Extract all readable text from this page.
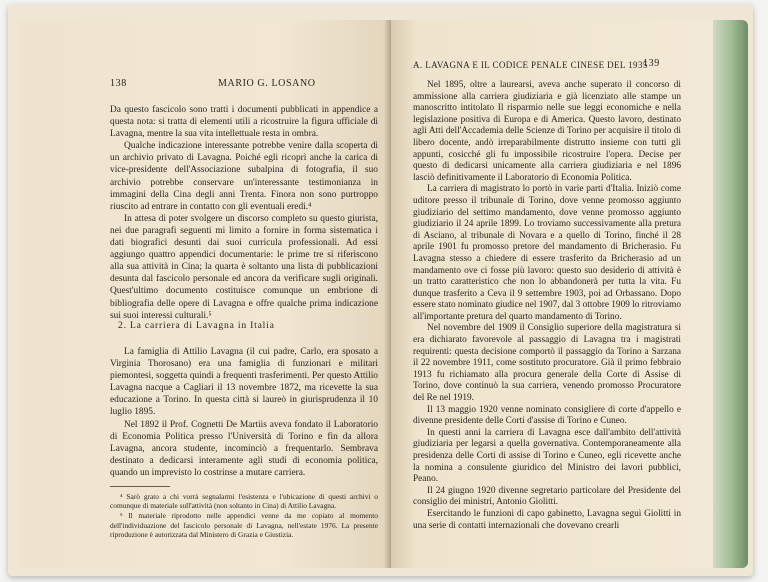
138	MARIO G. LOSANO

Da questo fascicolo sono tratti i documenti pubblicati in appendice a questa nota: si tratta di elementi utili a ricostruire la figura ufficiale di Lavagna, mentre la sua vita intellettuale resta in ombra.

Qualche indicazione interessante potrebbe venire dalla scoperta di un archivio privato di Lavagna. Poiché egli ricoprì anche la carica di vice-presidente dell'Associazione subalpina di fotografia, il suo archivio potrebbe conservare un'interessante testimonianza in immagini della Cina degli anni Trenta. Finora non sono purtroppo riuscito ad entrare in contatto con gli eventuali eredi.⁴

In attesa di poter svolgere un discorso completo su questo giurista, nei due paragrafi seguenti mi limito a fornire in forma sistematica i dati biografici desunti dai suoi curricula professionali. Ad essi aggiungo quattro appendici documentarie: le prime tre si riferiscono alla sua attività in Cina; la quarta è soltanto una lista di pubblicazioni desunta dal fascicolo personale ed ancora da verificare sugli originali. Quest'ultimo documento costituisce comunque un embrione di bibliografia delle opere di Lavagna e offre qualche prima indicazione sui suoi interessi culturali.⁵

2. La carriera di Lavagna in Italia

La famiglia di Attilio Lavagna (il cui padre, Carlo, era sposato a Virginia Thorosano) era una famiglia di funzionari e militari piemontesi, soggetta quindi a frequenti trasferimenti. Per questo Attilio Lavagna nacque a Cagliari il 13 novembre 1872, ma ricevette la sua educazione a Torino. In questa città si laureò in giurisprudenza il 10 luglio 1895.

Nel 1892 il Prof. Cognetti De Martiis aveva fondato il Laboratorio di Economia Politica presso l'Università di Torino e fin da allora Lavagna, ancora studente, incominciò a frequentarlo. Sembrava destinato a dedicarsi interamente agli studi di economia politica, quando un imprevisto lo costrinse a mutare carriera.

⁴ Sarò grato a chi vorrà segnalarmi l'esistenza e l'ubicazione di questi archivi o comunque di materiale sull'attività (non soltanto in Cina) di Attilio Lavagna.

⁵ Il materiale riprodotto nelle appendici venne da me copiato al momento dell'individuazione del fascicolo personale di Lavagna, nell'estate 1976. La presente riproduzione è autorizzata dal Ministero di Grazia e Giustizia.

A. LAVAGNA E IL CODICE PENALE CINESE DEL 1935
139

Nel 1895, oltre a laurearsi, aveva anche superato il concorso di ammissione alla carriera giudiziaria e già licenziato alle stampe un manoscritto intitolato Il risparmio nelle sue leggi economiche e nella legislazione positiva di Europa e di America. Questo lavoro, destinato agli Atti dell'Accademia delle Scienze di Torino per acquisire il titolo di libero docente, andò irreparabilmente distrutto insieme con tutti gli appunti, cosicché gli fu impossibile ricostruire l'opera. Decise per questo di dedicarsi unicamente alla carriera giudiziaria e nel 1896 lasciò definitivamente il Laboratorio di Economia Politica.

La carriera di magistrato lo portò in varie parti d'Italia. Iniziò come uditore presso il tribunale di Torino, dove venne promosso aggiunto giudiziario del settimo mandamento, dove venne promosso aggiunto giudiziario il 24 aprile 1899. Lo troviamo successivamente alla pretura di Asciano, al tribunale di Novara e a quello di Torino, finché il 28 aprile 1901 fu promosso pretore del mandamento di Bricherasio. Fu Lavagna stesso a chiedere di essere trasferito da Bricherasio ad un mandamento ove ci fosse più lavoro: questo suo desiderio di attività è un tratto caratteristico che non lo abbandonerà per tutta la vita. Fu dunque trasferito a Ceva il 9 settembre 1903, poi ad Orbassano. Dopo essere stato nominato giudice nel 1907, dal 3 ottobre 1909 lo ritroviamo all'importante pretura del quarto mandamento di Torino.

Nel novembre del 1909 il Consiglio superiore della magistratura si era dichiarato favorevole al passaggio di Lavagna tra i magistrati requirenti: questa decisione comportò il passaggio da Torino a Sarzana il 22 novembre 1911, come sostituto procuratore. Già il primo febbraio 1913 fu richiamato alla procura generale della Corte di Assise di Torino, dove continuò la sua carriera, venendo promosso Procuratore del Re nel 1919.

Il 13 maggio 1920 venne nominato consigliere di corte d'appello e divenne presidente delle Corti d'assise di Torino e Cuneo.

In questi anni la carriera di Lavagna esce dall'ambito dell'attività giudiziaria per legarsi a quella governativa. Contemporaneamente alla presidenza delle Corti di assise di Torino e Cuneo, egli ricevette anche la nomina a consulente giuridico del Ministro dei lavori pubblici, Peano.

Il 24 giugno 1920 divenne segretario particolare del Presidente del consiglio dei ministri, Antonio Giolitti.

Esercitando le funzioni di capo gabinetto, Lavagna seguì Giolitti in una serie di contatti internazionali che dovevano crearli
